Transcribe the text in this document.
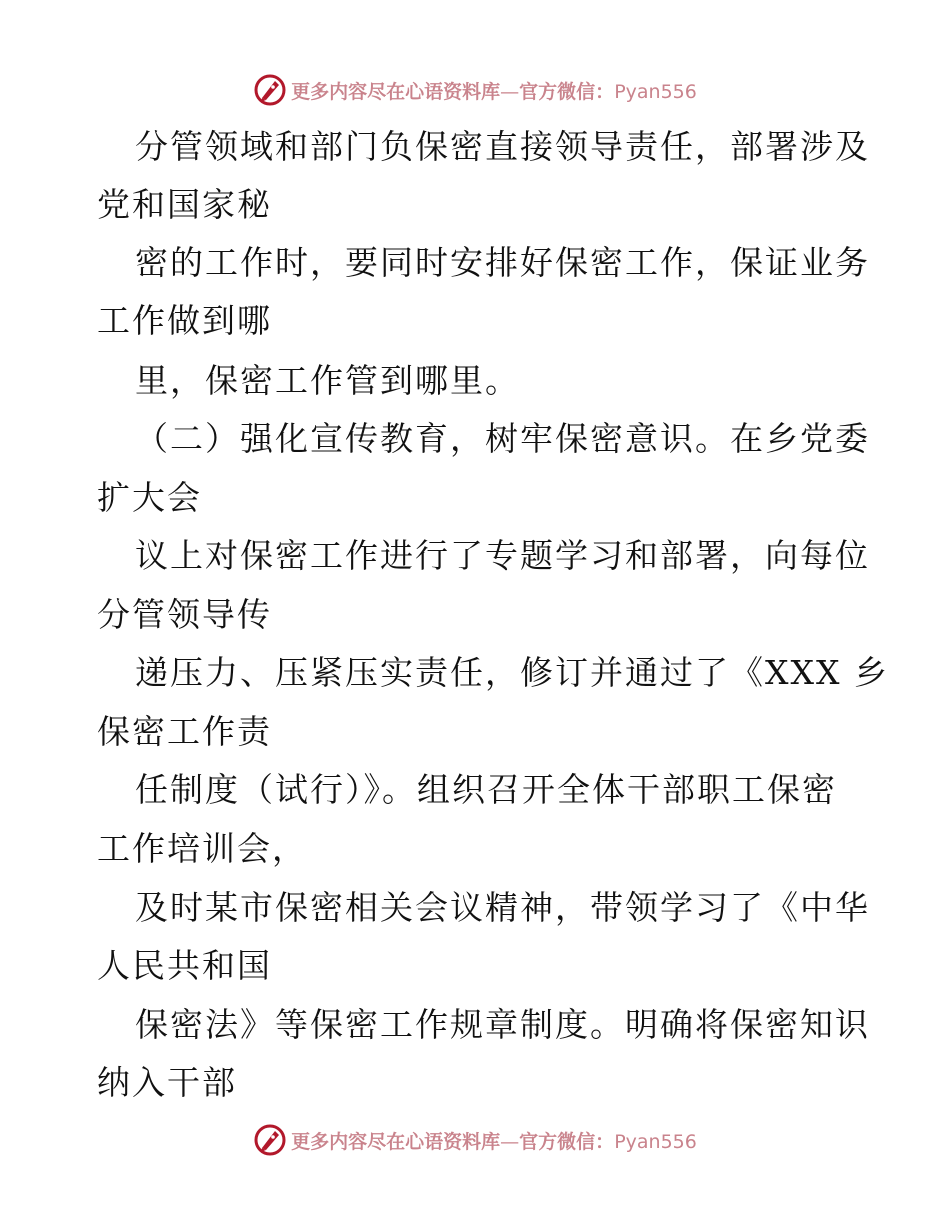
更多内容尽在心语资料库—官方微信：Pyan556
分管领域和部门负保密直接领导责任，部署涉及
党和国家秘
密的工作时，要同时安排好保密工作，保证业务
工作做到哪
里，保密工作管到哪里。
（二）强化宣传教育，树牢保密意识。在乡党委
扩大会
议上对保密工作进行了专题学习和部署，向每位
分管领导传
递压力、压紧压实责任，修订并通过了《XXX 乡
保密工作责
任制度（试行）》。组织召开全体干部职工保密
工作培训会，
及时某市保密相关会议精神，带领学习了《中华
人民共和国
保密法》等保密工作规章制度。明确将保密知识
纳入干部
更多内容尽在心语资料库—官方微信：Pyan556
